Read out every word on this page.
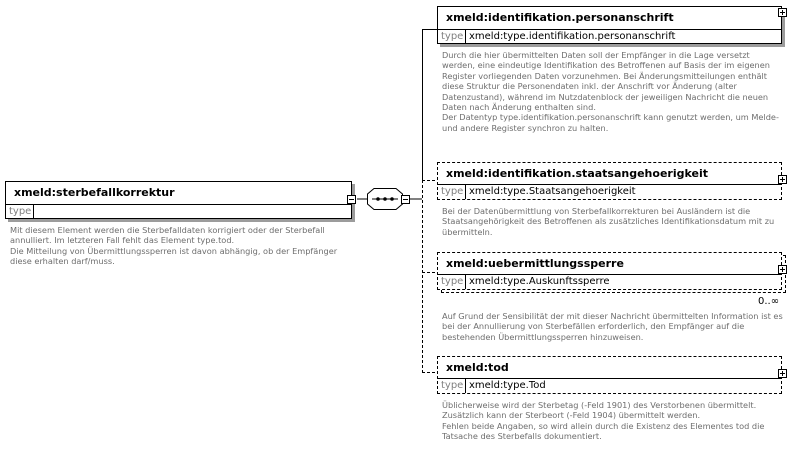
xmeld:sterbefallkorrektur
type
Mit diesem Element werden die Sterbefalldaten korrigiert oder der Sterbefall
annulliert. Im letzteren Fall fehlt das Element type.tod.
Die Mitteilung von Übermittlungssperren ist davon abhängig, ob der Empfänger
diese erhalten darf/muss.
xmeld:identifikation.personanschrift
type xmeld:type.identifikation.personanschrift
Durch die hier übermittelten Daten soll der Empfänger in die Lage versetzt
werden, eine eindeutige Identifikation des Betroffenen auf Basis der im eigenen
Register vorliegenden Daten vorzunehmen. Bei Änderungsmitteilungen enthält
diese Struktur die Personendaten inkl. der Anschrift vor Änderung (alter
Datenzustand), während im Nutzdatenblock der jeweiligen Nachricht die neuen
Daten nach Änderung enthalten sind.
Der Datentyp type.identifikation.personanschrift kann genutzt werden, um Melde-
und andere Register synchron zu halten.
xmeld:identifikation.staatsangehoerigkeit
type xmeld:type.Staatsangehoerigkeit
Bei der Datenübermittlung von Sterbefallkorrekturen bei Ausländern ist die
Staatsangehörigkeit des Betroffenen als zusätzliches Identifikationsdatum mit zu
übermitteln.
xmeld:uebermittlungssperre
type xmeld:type.Auskunftssperre
0..∞
Auf Grund der Sensibilität der mit dieser Nachricht übermittelten Information ist es
bei der Annullierung von Sterbefällen erforderlich, den Empfänger auf die
bestehenden Übermittlungssperren hinzuweisen.
xmeld:tod
type xmeld:type.Tod
Üblicherweise wird der Sterbetag (-Feld 1901) des Verstorbenen übermittelt.
Zusätzlich kann der Sterbeort (-Feld 1904) übermittelt werden.
Fehlen beide Angaben, so wird allein durch die Existenz des Elementes tod die
Tatsache des Sterbefalls dokumentiert.
